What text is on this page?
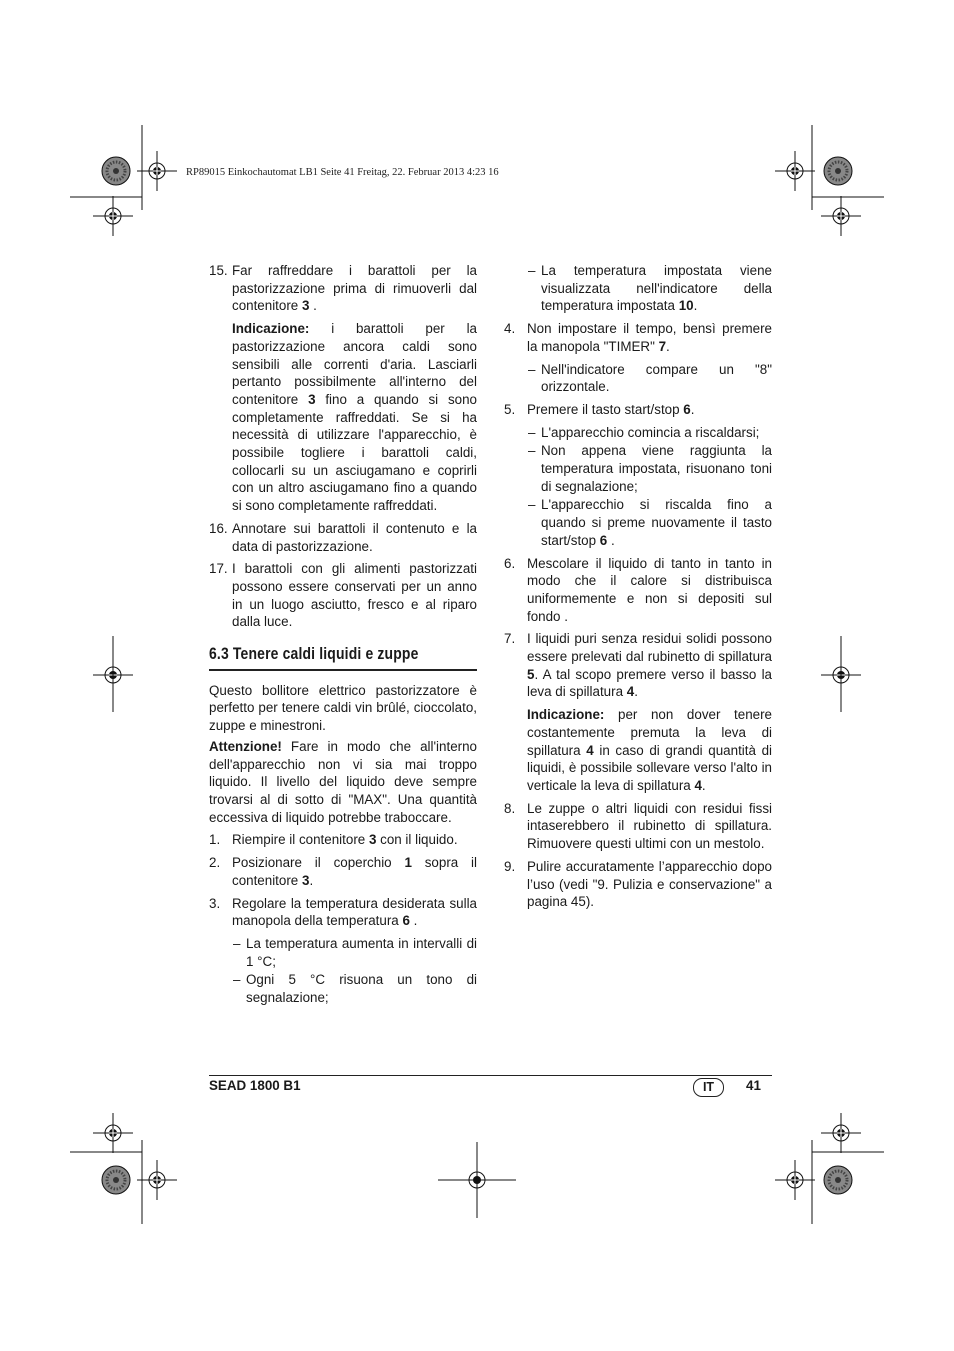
RP89015 Einkochautomat LB1 Seite 41 Freitag, 22. Februar 2013 4:23 16
15. Far raffreddare i barattoli per la pastorizzazione prima di rimuoverli dal contenitore 3 .
Indicazione: i barattoli per la pastorizzazione ancora caldi sono sensibili alle correnti d'aria. Lasciarli pertanto possibilmente all'interno del contenitore 3 fino a quando si sono completamente raffreddati. Se si ha necessità di utilizzare l'apparecchio, è possibile togliere i barattoli caldi, collocarli su un asciugamano e coprirli con un altro asciugamano fino a quando si sono completamente raffreddati.
16. Annotare sui barattoli il contenuto e la data di pastorizzazione.
17. I barattoli con gli alimenti pastorizzati possono essere conservati per un anno in un luogo asciutto, fresco e al riparo dalla luce.
6.3 Tenere caldi liquidi e zuppe
Questo bollitore elettrico pastorizzatore è perfetto per tenere caldi vin brûlé, cioccolato, zuppe e minestroni.
Attenzione! Fare in modo che all'interno dell'apparecchio non vi sia mai troppo liquido. Il livello del liquido deve sempre trovarsi al di sotto di "MAX". Una quantità eccessiva di liquido potrebbe traboccare.
1. Riempire il contenitore 3 con il liquido.
2. Posizionare il coperchio 1 sopra il contenitore 3.
3. Regolare la temperatura desiderata sulla manopola della temperatura 6 .
– La temperatura aumenta in intervalli di 1 °C;
– Ogni 5 °C risuona un tono di segnalazione;
– La temperatura impostata viene visualizzata nell'indicatore della temperatura impostata 10.
4. Non impostare il tempo, bensì premere la manopola "TIMER" 7.
– Nell'indicatore compare un "8" orizzontale.
5. Premere il tasto start/stop 6.
– L'apparecchio comincia a riscaldarsi;
– Non appena viene raggiunta la temperatura impostata, risuonano toni di segnalazione;
– L'apparecchio si riscalda fino a quando si preme nuovamente il tasto start/stop 6 .
6. Mescolare il liquido di tanto in tanto in modo che il calore si distribuisca uniformemente e non si depositi sul fondo .
7. I liquidi puri senza residui solidi possono essere prelevati dal rubinetto di spillatura 5. A tal scopo premere verso il basso la leva di spillatura 4.
Indicazione: per non dover tenere costantemente premuta la leva di spillatura 4 in caso di grandi quantità di liquidi, è possibile sollevare verso l'alto in verticale la leva di spillatura 4.
8. Le zuppe o altri liquidi con residui fissi intaserebbero il rubinetto di spillatura. Rimuovere questi ultimi con un mestolo.
9. Pulire accuratamente l’apparecchio dopo l’uso (vedi "9. Pulizia e conservazione" a pagina 45).
SEAD 1800 B1	IT	41
